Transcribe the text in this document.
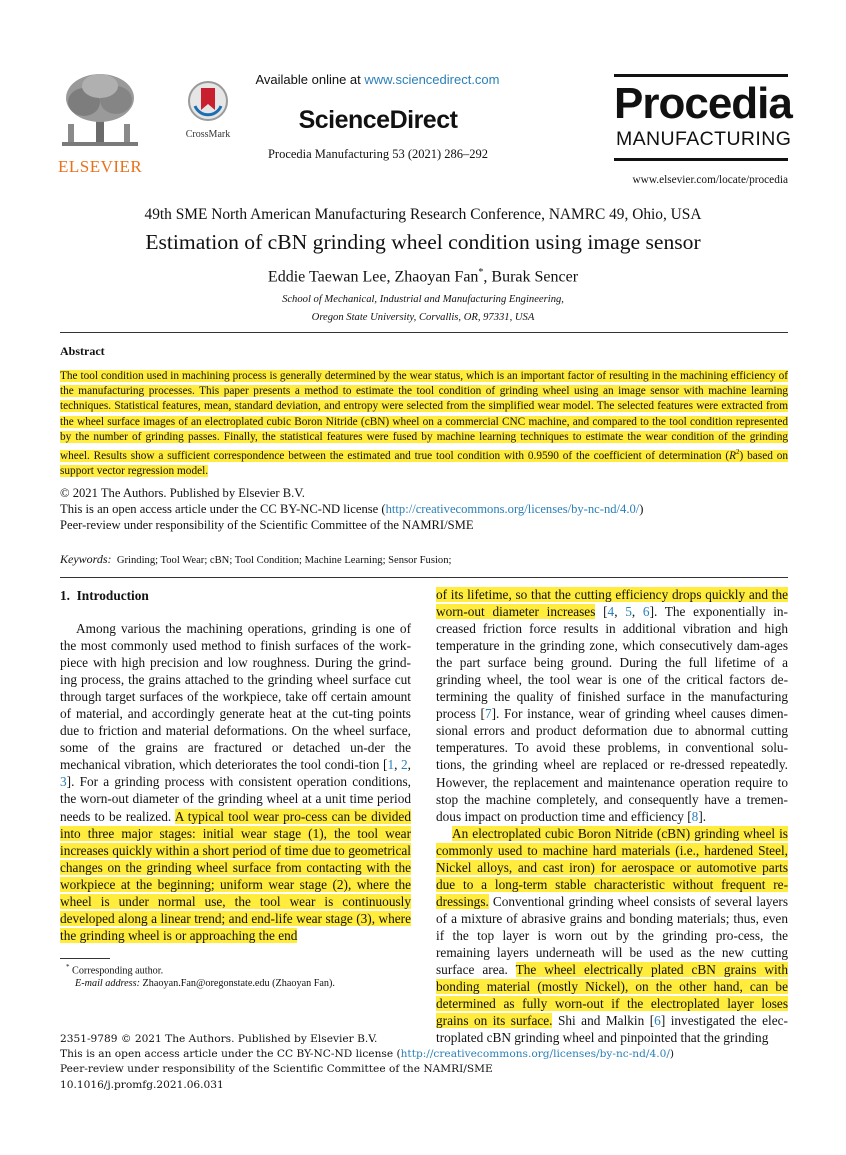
ELSEVIER
CrossMark
Available online at www.sciencedirect.com
ScienceDirect
Procedia Manufacturing 53 (2021) 286–292
Procedia
MANUFACTURING
www.elsevier.com/locate/procedia
49th SME North American Manufacturing Research Conference, NAMRC 49, Ohio, USA
Estimation of cBN grinding wheel condition using image sensor
Eddie Taewan Lee, Zhaoyan Fan*, Burak Sencer
School of Mechanical, Industrial and Manufacturing Engineering,
Oregon State University, Corvallis, OR, 97331, USA
Abstract
The tool condition used in machining process is generally determined by the wear status, which is an important factor of resulting in the machining efficiency of the manufacturing processes. This paper presents a method to estimate the tool condition of grinding wheel using an image sensor with machine learning techniques. Statistical features, mean, standard deviation, and entropy were selected from the simplified wear model. The selected features were extracted from the wheel surface images of an electroplated cubic Boron Nitride (cBN) wheel on a commercial CNC machine, and compared to the tool condition represented by the number of grinding passes. Finally, the statistical features were fused by machine learning techniques to estimate the wear condition of the grinding wheel. Results show a sufficient correspondence between the estimated and true tool condition with 0.9590 of the coefficient of determination $(R^2)$ based on support vector regression model.
© 2021 The Authors. Published by Elsevier B.V.
This is an open access article under the CC BY-NC-ND license (http://creativecommons.org/licenses/by-nc-nd/4.0/)
Peer-review under responsibility of the Scientific Committee of the NAMRI/SME
Keywords: Grinding; Tool Wear; cBN; Tool Condition; Machine Learning; Sensor Fusion;
1.  Introduction

Among various the machining operations, grinding is one of the most commonly used method to finish surfaces of the work-piece with high precision and low roughness. During the grind-ing process, the grains attached to the grinding wheel surface cut through target surfaces of the workpiece, take off certain amount of material, and accordingly generate heat at the cut-ting points due to friction and material deformations. On the wheel surface, some of the grains are fractured or detached un-der the mechanical vibration, which deteriorates the tool condi-tion [1, 2, 3]. For a grinding process with consistent operation conditions, the worn-out diameter of the grinding wheel at a unit time period needs to be realized. A typical tool wear pro-cess can be divided into three major stages: initial wear stage (1), the tool wear increases quickly within a short period of time due to geometrical changes on the grinding wheel surface from contacting with the workpiece at the beginning; uniform wear stage (2), where the wheel is under normal use, the tool wear is continuously developed along a linear trend; and end-life wear stage (3), where the grinding wheel is or approaching the end

* Corresponding author.
E-mail address: Zhaoyan.Fan@oregonstate.edu (Zhaoyan Fan).

of its lifetime, so that the cutting efficiency drops quickly and the worn-out diameter increases [4, 5, 6]. The exponentially in-creased friction force results in additional vibration and high temperature in the grinding zone, which consecutively dam-ages the part surface being ground. During the full lifetime of a grinding wheel, the tool wear is one of the critical factors de-termining the quality of finished surface in the manufacturing process [7]. For instance, wear of grinding wheel causes dimen-sional errors and product deformation due to abnormal cutting temperatures. To avoid these problems, in conventional solu-tions, the grinding wheel are replaced or re-dressed repeatedly. However, the replacement and maintenance operation require to stop the machine completely, and consequently have a tremen-dous impact on production time and efficiency [8].

An electroplated cubic Boron Nitride (cBN) grinding wheel is commonly used to machine hard materials (i.e., hardened Steel, Nickel alloys, and cast iron) for aerospace or automotive parts due to a long-term stable characteristic without frequent re-dressings. Conventional grinding wheel consists of several layers of a mixture of abrasive grains and bonding materials; thus, even if the top layer is worn out by the grinding pro-cess, the remaining layers underneath will be used as the new cutting surface area. The wheel electrically plated cBN grains with bonding material (mostly Nickel), on the other hand, can be determined as fully worn-out if the electroplated layer loses grains on its surface. Shi and Malkin [6] investigated the elec-troplated cBN grinding wheel and pinpointed that the grinding

2351-9789 © 2021 The Authors. Published by Elsevier B.V.
This is an open access article under the CC BY-NC-ND license (http://creativecommons.org/licenses/by-nc-nd/4.0/)
Peer-review under responsibility of the Scientific Committee of the NAMRI/SME
10.1016/j.promfg.2021.06.031
